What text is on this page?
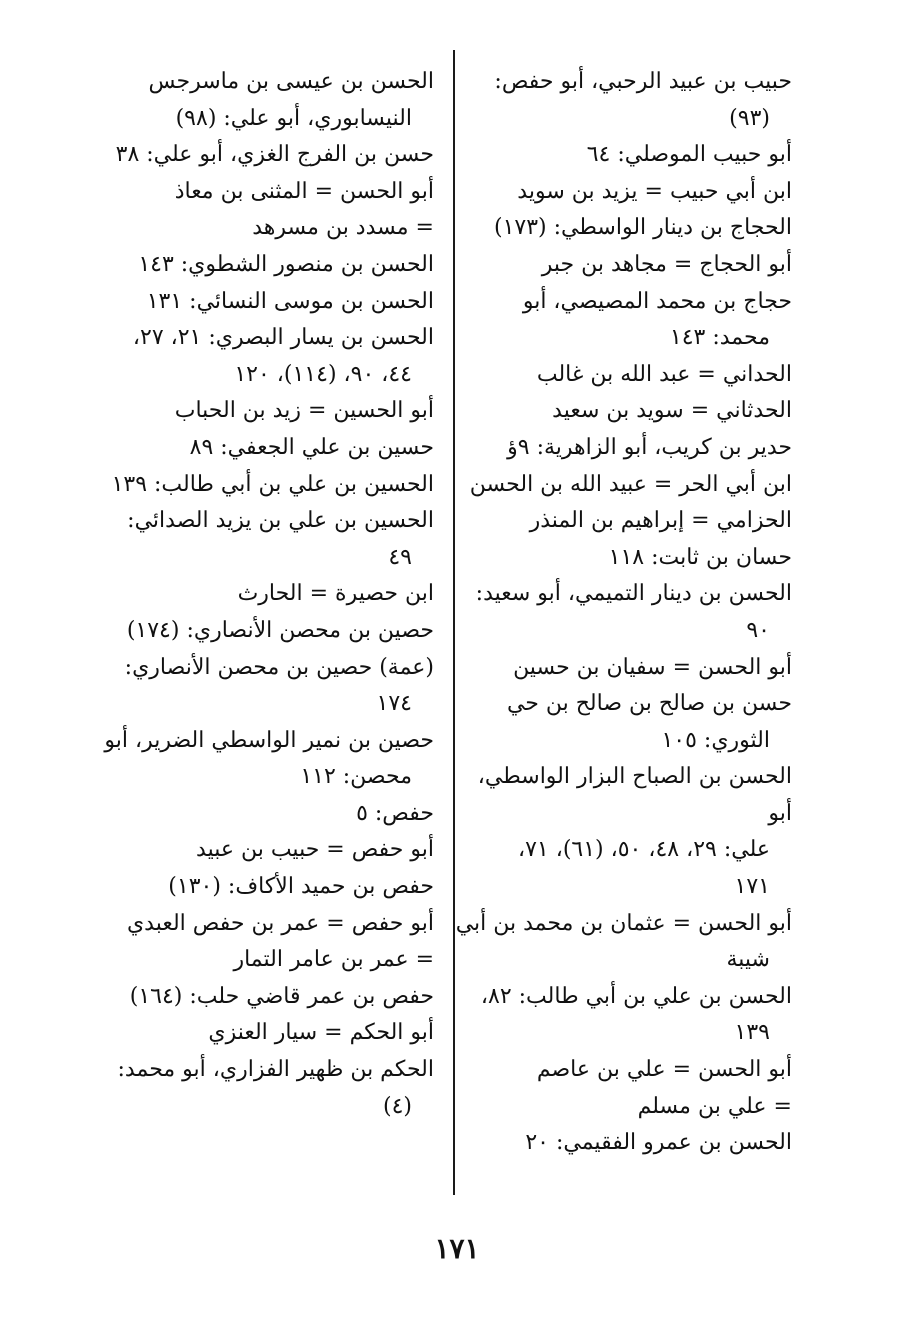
حبيب بن عبيد الرحبي، أبو حفص:
(٩٣)
أبو حبيب الموصلي: ٦٤
ابن أبي حبيب = يزيد بن سويد
الحجاج بن دينار الواسطي: (١٧٣)
أبو الحجاج = مجاهد بن جبر
حجاج بن محمد المصيصي، أبو
محمد: ١٤٣
الحداني = عبد الله بن غالب
الحدثاني = سويد بن سعيد
حدير بن كريب، أبو الزاهرية: ٩ؤ
ابن أبي الحر = عبيد الله بن الحسن
الحزامي = إبراهيم بن المنذر
حسان بن ثابت: ١١٨
الحسن بن دينار التميمي، أبو سعيد:
٩٠
أبو الحسن = سفيان بن حسين
حسن بن صالح بن صالح بن حي
الثوري: ١٠٥
الحسن بن الصباح البزار الواسطي، أبو
علي: ٢٩، ٤٨، ٥٠، (٦١)، ٧١،
١٧١
أبو الحسن = عثمان بن محمد بن أبي
شيبة
الحسن بن علي بن أبي طالب: ٨٢،
١٣٩
أبو الحسن = علي بن عاصم
= علي بن مسلم
الحسن بن عمرو الفقيمي: ٢٠
الحسن بن عيسى بن ماسرجس
النيسابوري، أبو علي: (٩٨)
حسن بن الفرج الغزي، أبو علي: ٣٨
أبو الحسن = المثنى بن معاذ
= مسدد بن مسرهد
الحسن بن منصور الشطوي: ١٤٣
الحسن بن موسى النسائي: ١٣١
الحسن بن يسار البصري: ٢١، ٢٧،
٤٤، ٩٠، (١١٤)، ١٢٠
أبو الحسين = زيد بن الحباب
حسين بن علي الجعفي: ٨٩
الحسين بن علي بن أبي طالب: ١٣٩
الحسين بن علي بن يزيد الصدائي:
٤٩
ابن حصيرة = الحارث
حصين بن محصن الأنصاري: (١٧٤)
(عمة) حصين بن محصن الأنصاري:
١٧٤
حصين بن نمير الواسطي الضرير، أبو
محصن: ١١٢
حفص: ٥
أبو حفص = حبيب بن عبيد
حفص بن حميد الأكاف: (١٣٠)
أبو حفص = عمر بن حفص العبدي
= عمر بن عامر التمار
حفص بن عمر قاضي حلب: (١٦٤)
أبو الحكم = سيار العنزي
الحكم بن ظهير الفزاري، أبو محمد:
(٤)
١٧١
